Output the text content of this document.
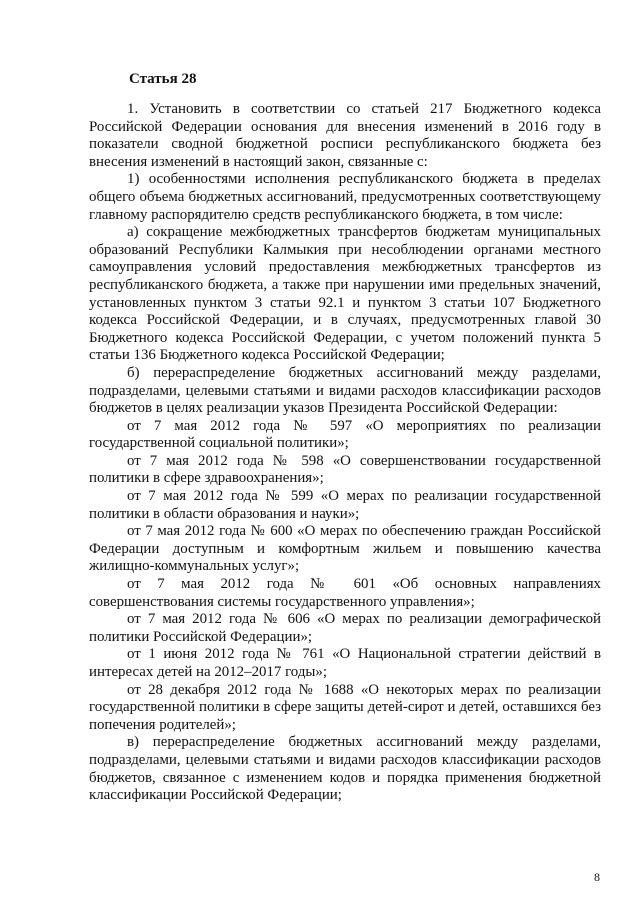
Статья 28

1. Установить в соответствии со статьей 217 Бюджетного кодекса Российской Федерации основания для внесения изменений в 2016 году в показатели сводной бюджетной росписи республиканского бюджета без внесения изменений в настоящий закон, связанные с:

1) особенностями исполнения республиканского бюджета в пределах общего объема бюджетных ассигнований, предусмотренных соответствующему главному распорядителю средств республиканского бюджета, в том числе:

а) сокращение межбюджетных трансфертов бюджетам муниципальных образований Республики Калмыкия при несоблюдении органами местного самоуправления условий предоставления межбюджетных трансфертов из республиканского бюджета, а также при нарушении ими предельных значений, установленных пунктом 3 статьи 92.1 и пунктом 3 статьи 107 Бюджетного кодекса Российской Федерации, и в случаях, предусмотренных главой 30 Бюджетного кодекса Российской Федерации, с учетом положений пункта 5 статьи 136 Бюджетного кодекса Российской Федерации;

б) перераспределение бюджетных ассигнований между разделами, подразделами, целевыми статьями и видами расходов классификации расходов бюджетов в целях реализации указов Президента Российской Федерации:

от 7 мая 2012 года № 597 «О мероприятиях по реализации государственной социальной политики»;

от 7 мая 2012 года № 598 «О совершенствовании государственной политики в сфере здравоохранения»;

от 7 мая 2012 года № 599 «О мерах по реализации государственной политики в области образования и науки»;

от 7 мая 2012 года № 600 «О мерах по обеспечению граждан Российской Федерации доступным и комфортным жильем и повышению качества жилищно-коммунальных услуг»;

от 7 мая 2012 года № 601 «Об основных направлениях совершенствования системы государственного управления»;

от 7 мая 2012 года № 606 «О мерах по реализации демографической политики Российской Федерации»;

от 1 июня 2012 года № 761 «О Национальной стратегии действий в интересах детей на 2012–2017 годы»;

от 28 декабря 2012 года № 1688 «О некоторых мерах по реализации государственной политики в сфере защиты детей-сирот и детей, оставшихся без попечения родителей»;

в) перераспределение бюджетных ассигнований между разделами, подразделами, целевыми статьями и видами расходов классификации расходов бюджетов, связанное с изменением кодов и порядка применения бюджетной классификации Российской Федерации;

8
